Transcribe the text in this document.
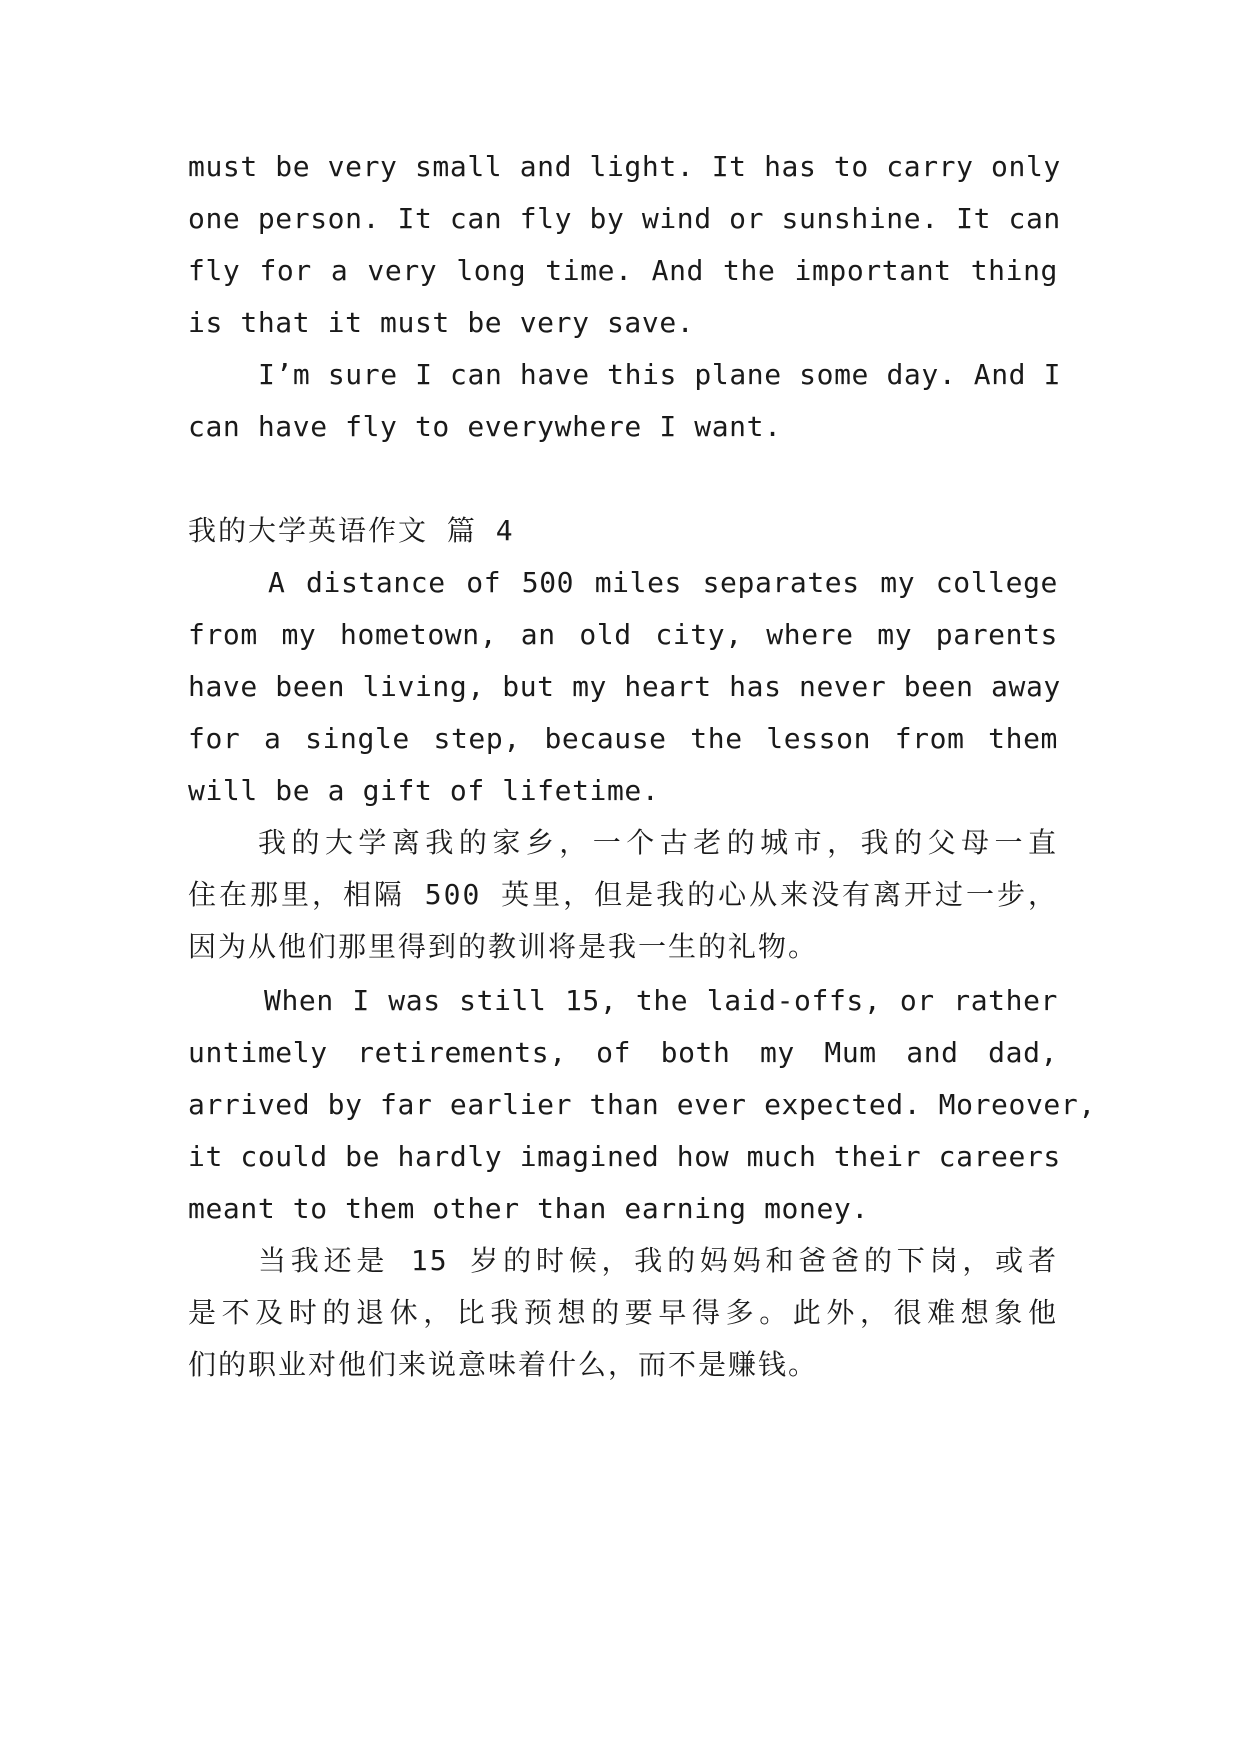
must be very small and light. It has to carry only
one person. It can fly by wind or sunshine. It can
fly for a very long time. And the important thing
is that it must be very save.
I’m sure I can have this plane some day. And I
can have fly to everywhere I want.
我的大学英语作文 篇 4
A distance of 500 miles separates my college
from my hometown, an old city, where my parents
have been living, but my heart has never been away
for a single step, because the lesson from them
will be a gift of lifetime.
我的大学离我的家乡，一个古老的城市，我的父母一直
住在那里，相隔 500 英里，但是我的心从来没有离开过一步，
因为从他们那里得到的教训将是我一生的礼物。
When I was still 15, the laid-offs, or rather
untimely retirements, of both my Mum and dad,
arrived by far earlier than ever expected. Moreover,
it could be hardly imagined how much their careers
meant to them other than earning money.
当我还是 15 岁的时候，我的妈妈和爸爸的下岗，或者
是不及时的退休，比我预想的要早得多。此外，很难想象他
们的职业对他们来说意味着什么，而不是赚钱。
